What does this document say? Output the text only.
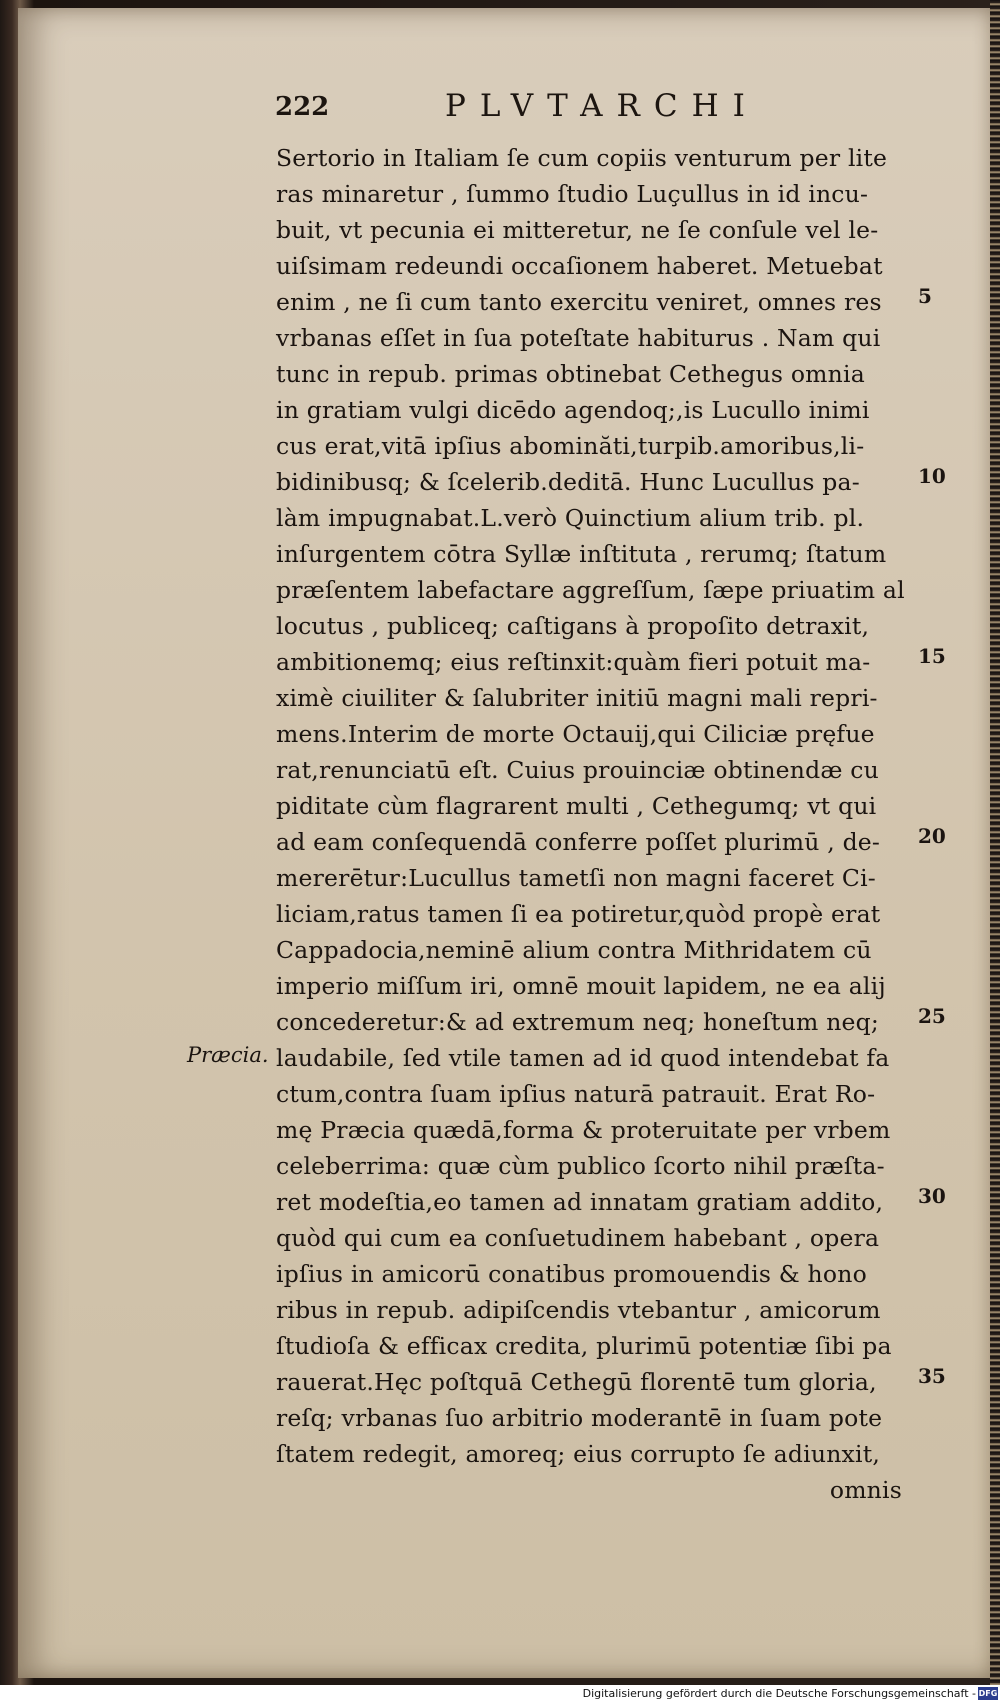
222	PLVTARCHI
Sertorio in Italiam ſe cum copiis venturum per lite
ras minaretur , ſummo ſtudio Luçullus in id incu-
buit, vt pecunia ei mitteretur, ne ſe conſule vel le-
uiſsimam redeundi occaſionem haberet. Metuebat
enim , ne ſi cum tanto exercitu veniret, omnes res
vrbanas eſſet in ſua poteſtate habiturus . Nam qui
tunc in repub. primas obtinebat Cethegus omnia
in gratiam vulgi dicēdo agendoq;,is Lucullo inimi
cus erat,vitā ipſius abominăti,turpib.amoribus,li-
bidinibusq; & ſcelerib.deditā. Hunc Lucullus pa-
làm impugnabat.L.verò Quinctium alium trib. pl.
inſurgentem cōtra Syllæ inſtituta , rerumq; ſtatum
præſentem labefactare aggreſſum, ſæpe priuatim al
locutus , publiceq; caſtigans à propoſito detraxit,
ambitionemq; eius reſtinxit:quàm fieri potuit ma-
ximè ciuiliter & ſalubriter initiū magni mali repri-
mens.Interim de morte Octauij,qui Ciliciæ pręfue
rat,renunciatū eſt. Cuius prouinciæ obtinendæ cu
piditate cùm flagrarent multi , Cethegumq; vt qui
ad eam conſequendā conferre poſſet plurimū , de-
mererētur:Lucullus tametſi non magni faceret Ci-
liciam,ratus tamen ſi ea potiretur,quòd propè erat
Cappadocia,neminē alium contra Mithridatem cū
imperio miſſum iri, omnē mouit lapidem, ne ea alij
concederetur:& ad extremum neq; honeſtum neq;
laudabile, ſed vtile tamen ad id quod intendebat fa
ctum,contra ſuam ipſius naturā patrauit. Erat Ro-
mę Præcia quædā,forma & proteruitate per vrbem
celeberrima: quæ cùm publico ſcorto nihil præſta-
ret modeſtia,eo tamen ad innatam gratiam addito,
quòd qui cum ea conſuetudinem habebant , opera
ipſius in amicorū conatibus promouendis & hono
ribus in repub. adipiſcendis vtebantur , amicorum
ſtudioſa & efficax credita, plurimū potentiæ ſibi pa
rauerat.Hęc poſtquā Cethegū florentē tum gloria,
reſq; vrbanas ſuo arbitrio moderantē in ſuam pote
ſtatem redegit, amoreq; eius corrupto ſe adiunxit,
omnis
5
10
15
20
25
30
35
Præcia.
Digitalisierung gefördert durch die Deutsche Forschungsgemeinschaft - DFG
